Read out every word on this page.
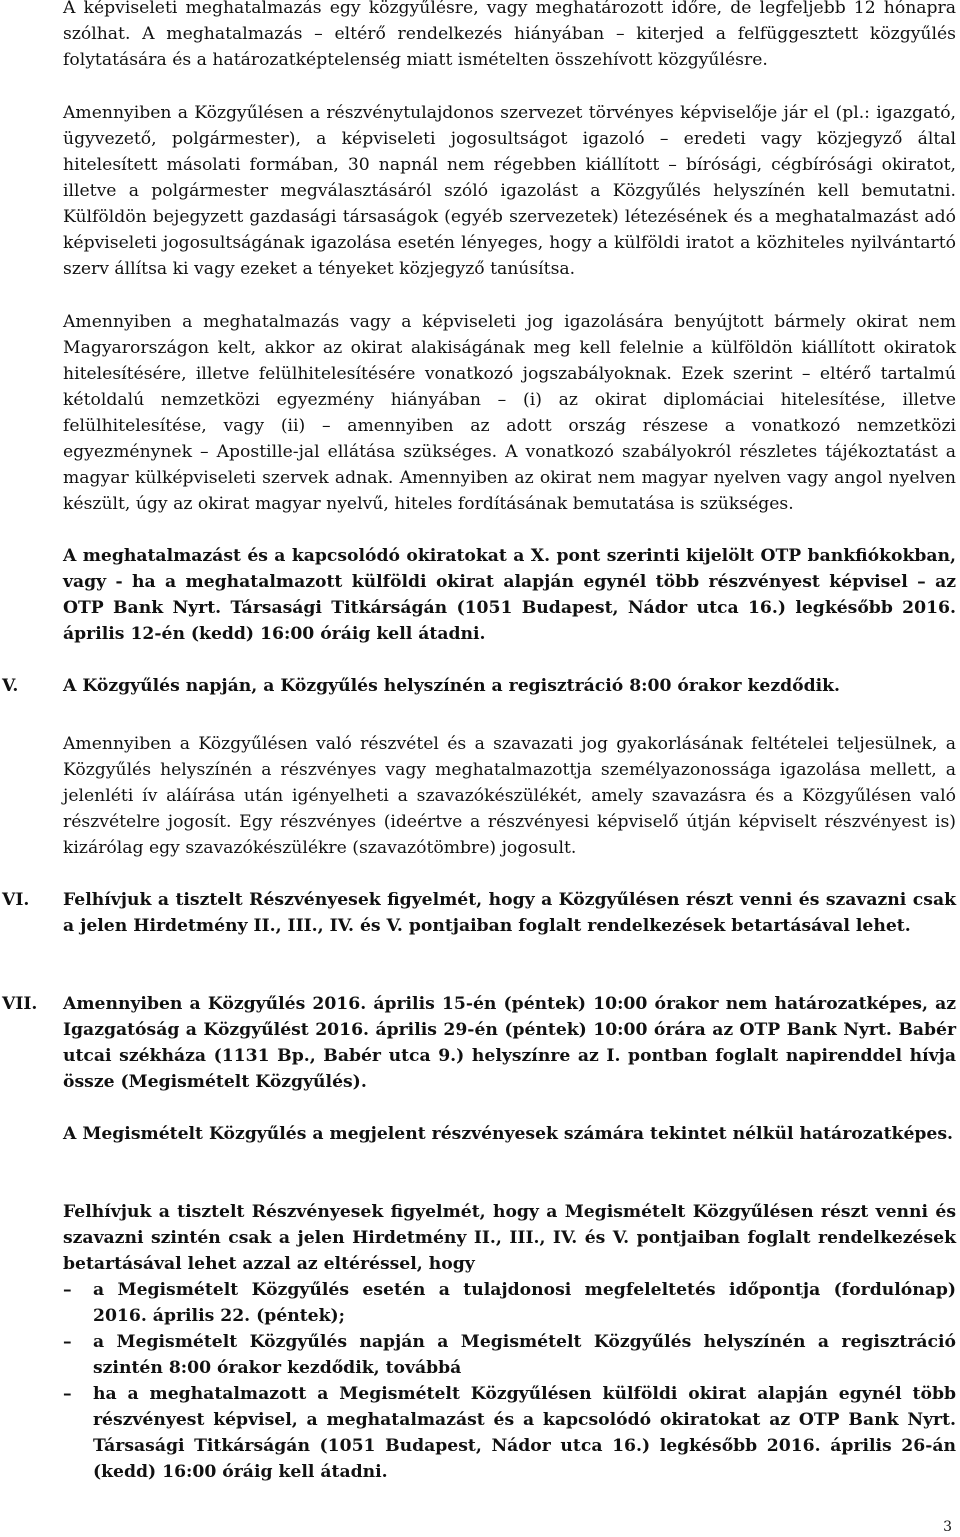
A képviseleti meghatalmazás egy közgyűlésre, vagy meghatározott időre, de legfeljebb 12 hónapra szólhat. A meghatalmazás – eltérő rendelkezés hiányában – kiterjed a felfüggesztett közgyűlés folytatására és a határozatképtelenség miatt ismételten összehívott közgyűlésre.

Amennyiben a Közgyűlésen a részvénytulajdonos szervezet törvényes képviselője jár el (pl.: igazgató, ügyvezető, polgármester), a képviseleti jogosultságot igazoló – eredeti vagy közjegyző által hitelesített másolati formában, 30 napnál nem régebben kiállított – bírósági, cégbírósági okiratot, illetve a polgármester megválasztásáról szóló igazolást a Közgyűlés helyszínén kell bemutatni. Külföldön bejegyzett gazdasági társaságok (egyéb szervezetek) létezésének és a meghatalmazást adó képviseleti jogosultságának igazolása esetén lényeges, hogy a külföldi iratot a közhiteles nyilvántartó szerv állítsa ki vagy ezeket a tényeket közjegyző tanúsítsa.

Amennyiben a meghatalmazás vagy a képviseleti jog igazolására benyújtott bármely okirat nem Magyarországon kelt, akkor az okirat alakiságának meg kell felelnie a külföldön kiállított okiratok hitelesítésére, illetve felülhitelesítésére vonatkozó jogszabályoknak. Ezek szerint – eltérő tartalmú kétoldalú nemzetközi egyezmény hiányában – (i) az okirat diplomáciai hitelesítése, illetve felülhitelesítése, vagy (ii) – amennyiben az adott ország részese a vonatkozó nemzetközi egyezménynek – Apostille-jal ellátása szükséges. A vonatkozó szabályokról részletes tájékoztatást a magyar külképviseleti szervek adnak. Amennyiben az okirat nem magyar nyelven vagy angol nyelven készült, úgy az okirat magyar nyelvű, hiteles fordításának bemutatása is szükséges.

A meghatalmazást és a kapcsolódó okiratokat a X. pont szerinti kijelölt OTP bankfiókokban, vagy - ha a meghatalmazott külföldi okirat alapján egynél több részvényest képvisel – az OTP Bank Nyrt. Társasági Titkárságán (1051 Budapest, Nádor utca 16.) legkésőbb 2016. április 12-én (kedd) 16:00 óráig kell átadni.

V.	A Közgyűlés napján, a Közgyűlés helyszínén a regisztráció 8:00 órakor kezdődik.

Amennyiben a Közgyűlésen való részvétel és a szavazati jog gyakorlásának feltételei teljesülnek, a Közgyűlés helyszínén a részvényes vagy meghatalmazottja személyazonossága igazolása mellett, a jelenléti ív aláírása után igényelheti a szavazókészülékét, amely szavazásra és a Közgyűlésen való részvételre jogosít. Egy részvényes (ideértve a részvényesi képviselő útján képviselt részvényest is) kizárólag egy szavazókészülékre (szavazótömbre) jogosult.

VI. Felhívjuk a tisztelt Részvényesek figyelmét, hogy a Közgyűlésen részt venni és szavazni csak a jelen Hirdetmény II., III., IV. és V. pontjaiban foglalt rendelkezések betartásával lehet.

VII. Amennyiben a Közgyűlés 2016. április 15-én (péntek) 10:00 órakor nem határozatképes, az Igazgatóság a Közgyűlést 2016. április 29-én (péntek) 10:00 órára az OTP Bank Nyrt. Babér utcai székháza (1131 Bp., Babér utca 9.) helyszínre az I. pontban foglalt napirenddel hívja össze (Megismételt Közgyűlés).

A Megismételt Közgyűlés a megjelent részvényesek számára tekintet nélkül határozatképes.

Felhívjuk a tisztelt Részvényesek figyelmét, hogy a Megismételt Közgyűlésen részt venni és szavazni szintén csak a jelen Hirdetmény II., III., IV. és V. pontjaiban foglalt rendelkezések betartásával lehet azzal az eltéréssel, hogy

–	a Megismételt Közgyűlés esetén a tulajdonosi megfeleltetés időpontja (fordulónap) 2016. április 22. (péntek);
–	a Megismételt Közgyűlés napján a Megismételt Közgyűlés helyszínén a regisztráció szintén 8:00 órakor kezdődik, továbbá
–	ha a meghatalmazott a Megismételt Közgyűlésen külföldi okirat alapján egynél több részvényest képvisel, a meghatalmazást és a kapcsolódó okiratokat az OTP Bank Nyrt. Társasági Titkárságán (1051 Budapest, Nádor utca 16.) legkésőbb 2016. április 26-án (kedd) 16:00 óráig kell átadni.
3
